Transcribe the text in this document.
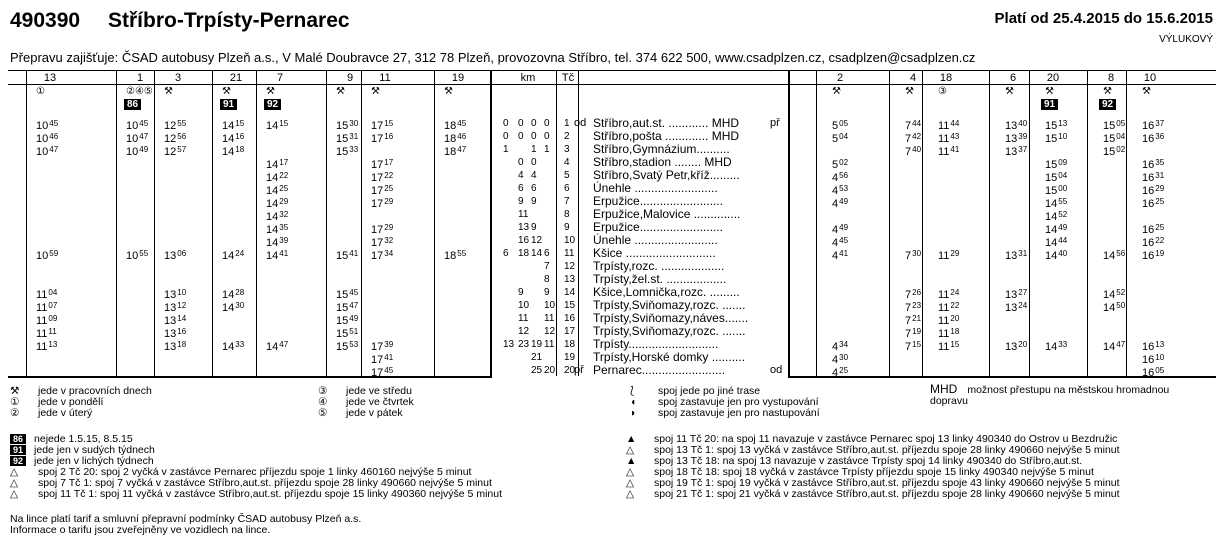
490390 Stříbro-Trpísty-Pernarec	Platí od 25.4.2015 do 15.6.2015
VÝLUKOVÝ
Přepravu zajišťuje: ČSAD autobusy Plzeň a.s., V Malé Doubravce 27, 312 78 Plzeň, provozovna Stříbro, tel. 374 622 500, www.csadplzen.cz, csadplzen@csadplzen.cz
13
①
$10^{45}$
$10^{46}$
$10^{47}$
$10^{59}$
$11^{04}$
$11^{07}$
$11^{09}$
$11^{11}$
$11^{13}$
1
②④⑤
86
$10^{45}$
$10^{47}$
$10^{49}$
$10^{55}$
3
⚒
$12^{55}$
$12^{56}$
$12^{57}$
$13^{06}$
$13^{10}$
$13^{12}$
$13^{14}$
$13^{16}$
$13^{18}$
21
⚒
91
$14^{15}$
$14^{16}$
$14^{18}$
$14^{24}$
$14^{28}$
$14^{30}$
$14^{33}$
7
⚒
92
$14^{15}$
$14^{17}$
$14^{22}$
$14^{25}$
$14^{29}$
$14^{32}$
$14^{35}$
$14^{39}$
$14^{41}$
$14^{47}$
9
⚒
$15^{30}$
$15^{31}$
$15^{33}$
$15^{41}$
$15^{45}$
$15^{47}$
$15^{49}$
$15^{51}$
$15^{53}$
11
⚒
$17^{15}$
$17^{16}$
$17^{17}$
$17^{22}$
$17^{25}$
$17^{29}$
$17^{29}$
$17^{32}$
$17^{34}$
$17^{39}$
$17^{41}$
$17^{45}$
19
⚒
$18^{45}$
$18^{46}$
$18^{47}$
$18^{55}$
km
0 0 0 0
0 0 0 0
1 1 1
0 0
4 4
6 6
9 9
11
13 9
16 12
6 18 14 6
7
8
9 9
10 10
11 11
12 12
13 23 19 11
21
25 20
Tč
1
2
3
4
5
6
7
8
9
10
11
12
13
14
15
16
17
18
19
20
Stříbro,aut.st. ............ MHD
Stříbro,pošta ............. MHD
Stříbro,Gymnázium..........
Stříbro,stadion ........ MHD
Stříbro,Svatý Petr,kříž.........
Únehle .........................
Erpužice.........................
Erpužice,Malovice ..............
Erpužice.........................
Únehle .........................
Kšice ...........................
Trpísty,rozc. ...................
Trpísty,žel.st. ..................
Kšice,Lomnička,rozc. .........
Trpísty,Sviňomazy,rozc. .......
Trpísty,Sviňomazy,náves.......
Trpísty,Sviňomazy,rozc. .......
Trpísty...........................
Trpísty,Horské domky ..........
Pernarec.........................
od
př
př
od
2
⚒
$5^{05}$
$5^{04}$
$5^{02}$
$4^{56}$
$4^{53}$
$4^{49}$
$4^{49}$
$4^{45}$
$4^{41}$
$4^{34}$
$4^{30}$
$4^{25}$
4
⚒
$7^{44}$
$7^{42}$
$7^{40}$
$7^{30}$
$7^{26}$
$7^{23}$
$7^{21}$
$7^{19}$
$7^{15}$
18
③
$11^{44}$
$11^{43}$
$11^{41}$
$11^{29}$
$11^{24}$
$11^{22}$
$11^{20}$
$11^{18}$
$11^{15}$
6
⚒
$13^{40}$
$13^{39}$
$13^{37}$
$13^{31}$
$13^{27}$
$13^{24}$
$13^{20}$
20
⚒
91
$15^{13}$
$15^{10}$
$15^{09}$
$15^{04}$
$15^{00}$
$14^{55}$
$14^{52}$
$14^{49}$
$14^{44}$
$14^{40}$
$14^{33}$
8
⚒
92
$15^{05}$
$15^{04}$
$15^{02}$
$14^{56}$
$14^{52}$
$14^{50}$
$14^{47}$
10
⚒
$16^{37}$
$16^{36}$
$16^{35}$
$16^{31}$
$16^{29}$
$16^{25}$
$16^{25}$
$16^{22}$
$16^{19}$
$16^{13}$
$16^{10}$
$16^{05}$
⚒ jede v pracovních dnech
① jede v pondělí
② jede v úterý
③ jede ve středu
④ jede ve čtvrtek
⑤ jede v pátek
⟅ spoj jede po jiné trase
◖ spoj zastavuje jen pro vystupování
◗ spoj zastavuje jen pro nastupování
MHD možnost přestupu na městskou hromadnou dopravu
86 nejede 1.5.15, 8.5.15
91 jede jen v sudých týdnech
92 jede jen v lichých týdnech
△ spoj 2 Tč 20: spoj 2 vyčká v zastávce Pernarec příjezdu spoje 1 linky 460160 nejvýše 5 minut
△ spoj 7 Tč 1: spoj 7 vyčká v zastávce Stříbro,aut.st. příjezdu spoje 28 linky 490660 nejvýše 5 minut
△ spoj 11 Tč 1: spoj 11 vyčká v zastávce Stříbro,aut.st. příjezdu spoje 15 linky 490360 nejvýše 5 minut
▲ spoj 11 Tč 20: na spoj 11 navazuje v zastávce Pernarec spoj 13 linky 490340 do Ostrov u Bezdružic
△ spoj 13 Tč 1: spoj 13 vyčká v zastávce Stříbro,aut.st. příjezdu spoje 28 linky 490660 nejvýše 5 minut
▲ spoj 13 Tč 18: na spoj 13 navazuje v zastávce Trpísty spoj 14 linky 490340 do Stříbro,aut.st.
△ spoj 18 Tč 18: spoj 18 vyčká v zastávce Trpísty příjezdu spoje 15 linky 490340 nejvýše 5 minut
△ spoj 19 Tč 1: spoj 19 vyčká v zastávce Stříbro,aut.st. příjezdu spoje 43 linky 490660 nejvýše 5 minut
△ spoj 21 Tč 1: spoj 21 vyčká v zastávce Stříbro,aut.st. příjezdu spoje 28 linky 490660 nejvýše 5 minut
Na lince platí tarif a smluvní přepravní podmínky ČSAD autobusy Plzeň a.s.
Informace o tarifu jsou zveřejněny ve vozidlech na lince.
